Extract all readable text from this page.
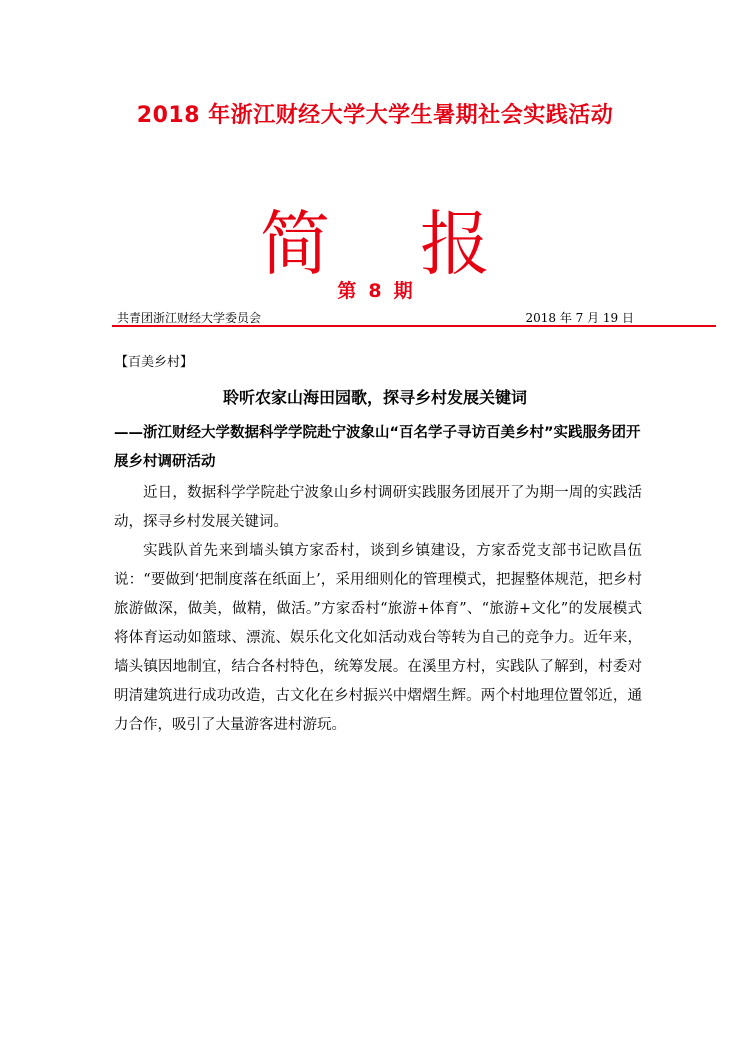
2018 年浙江财经大学大学生暑期社会实践活动
简 报
第 8 期
共青团浙江财经大学委员会	2018 年 7 月 19 日
【百美乡村】
聆听农家山海田园歌，探寻乡村发展关键词
——浙江财经大学数据科学学院赴宁波象山“百名学子寻访百美乡村”实践服务团开展乡村调研活动

近日，数据科学学院赴宁波象山乡村调研实践服务团展开了为期一周的实践活动，探寻乡村发展关键词。

实践队首先来到墙头镇方家岙村，谈到乡镇建设，方家岙党支部书记欧昌伍说：“要做到‘把制度落在纸面上’，采用细则化的管理模式，把握整体规范，把乡村旅游做深，做美，做精，做活。”方家岙村“旅游+体育”、“旅游+文化”的发展模式将体育运动如篮球、漂流、娱乐化文化如活动戏台等转为自己的竞争力。近年来，墙头镇因地制宜，结合各村特色，统筹发展。在溪里方村，实践队了解到，村委对明清建筑进行成功改造，古文化在乡村振兴中熠熠生辉。两个村地理位置邻近，通力合作，吸引了大量游客进村游玩。
